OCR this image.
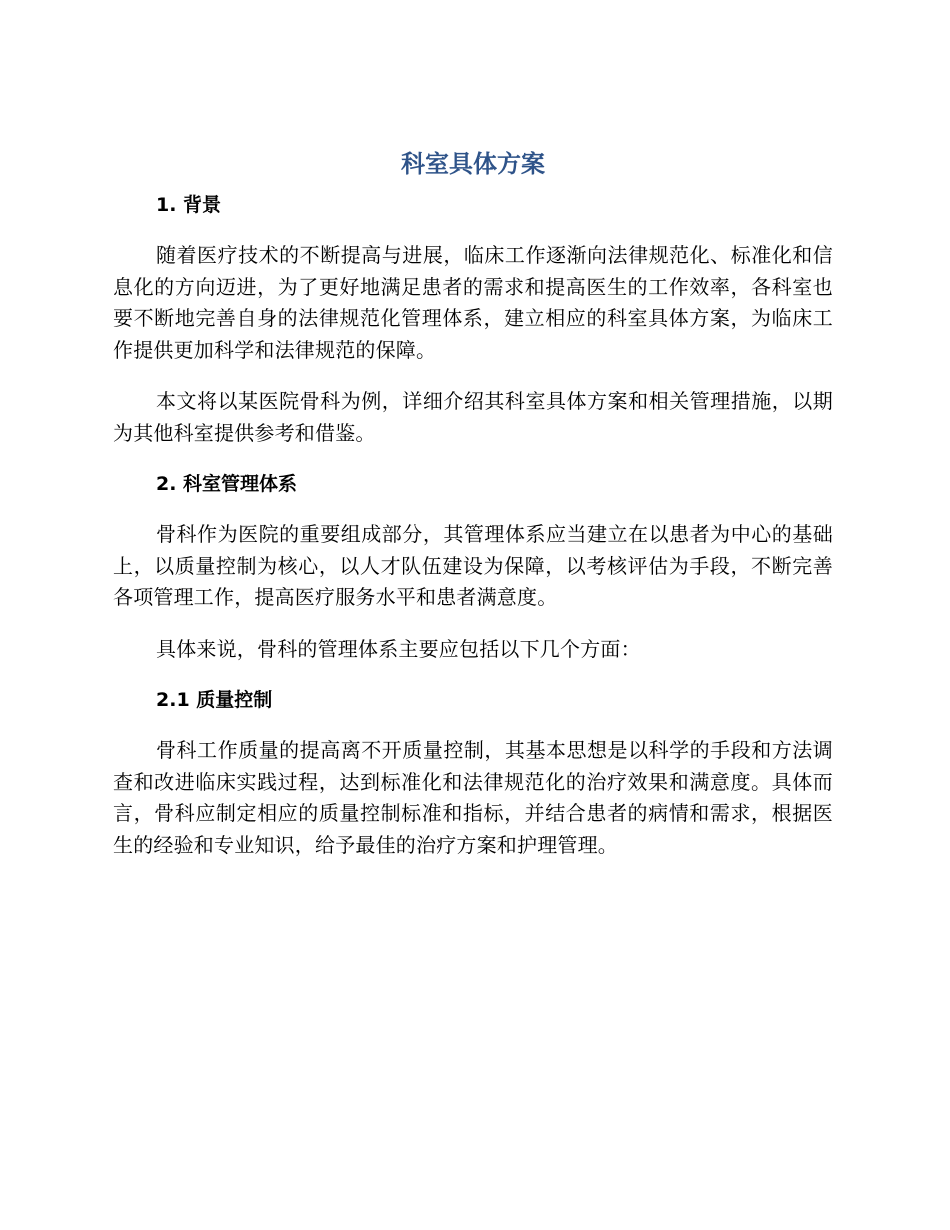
科室具体方案
1. 背景

随着医疗技术的不断提高与进展，临床工作逐渐向法律规范化、标准化和信息化的方向迈进，为了更好地满足患者的需求和提高医生的工作效率，各科室也要不断地完善自身的法律规范化管理体系，建立相应的科室具体方案，为临床工作提供更加科学和法律规范的保障。

本文将以某医院骨科为例，详细介绍其科室具体方案和相关管理措施，以期为其他科室提供参考和借鉴。

2. 科室管理体系

骨科作为医院的重要组成部分，其管理体系应当建立在以患者为中心的基础上，以质量控制为核心，以人才队伍建设为保障，以考核评估为手段，不断完善各项管理工作，提高医疗服务水平和患者满意度。

具体来说，骨科的管理体系主要应包括以下几个方面：

2.1 质量控制

骨科工作质量的提高离不开质量控制，其基本思想是以科学的手段和方法调查和改进临床实践过程，达到标准化和法律规范化的治疗效果和满意度。具体而言，骨科应制定相应的质量控制标准和指标，并结合患者的病情和需求，根据医生的经验和专业知识，给予最佳的治疗方案和护理管理。
